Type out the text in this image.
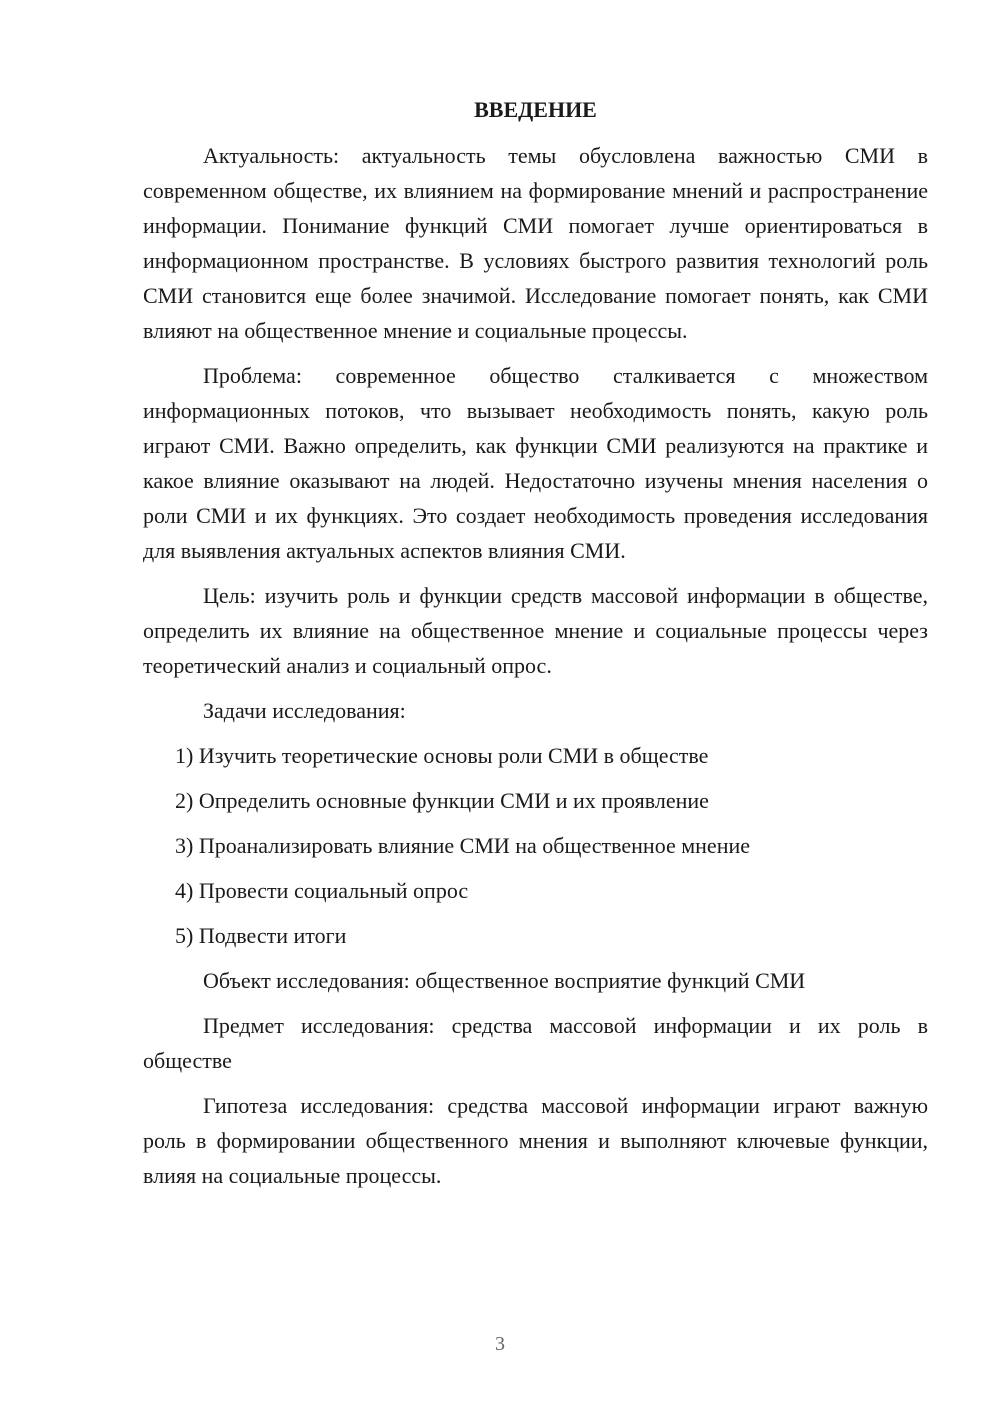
ВВЕДЕНИЕ

Актуальность: актуальность темы обусловлена важностью СМИ в современном обществе, их влиянием на формирование мнений и распространение информации. Понимание функций СМИ помогает лучше ориентироваться в информационном пространстве. В условиях быстрого развития технологий роль СМИ становится еще более значимой. Исследование помогает понять, как СМИ влияют на общественное мнение и социальные процессы.

Проблема: современное общество сталкивается с множеством информационных потоков, что вызывает необходимость понять, какую роль играют СМИ. Важно определить, как функции СМИ реализуются на практике и какое влияние оказывают на людей. Недостаточно изучены мнения населения о роли СМИ и их функциях. Это создает необходимость проведения исследования для выявления актуальных аспектов влияния СМИ.

Цель: изучить роль и функции средств массовой информации в обществе, определить их влияние на общественное мнение и социальные процессы через теоретический анализ и социальный опрос.

Задачи исследования:

1) Изучить теоретические основы роли СМИ в обществе

2) Определить основные функции СМИ и их проявление

3) Проанализировать влияние СМИ на общественное мнение

4) Провести социальный опрос

5) Подвести итоги

Объект исследования: общественное восприятие функций СМИ

Предмет исследования: средства массовой информации и их роль в обществе

Гипотеза исследования: средства массовой информации играют важную роль в формировании общественного мнения и выполняют ключевые функции, влияя на социальные процессы.

3
